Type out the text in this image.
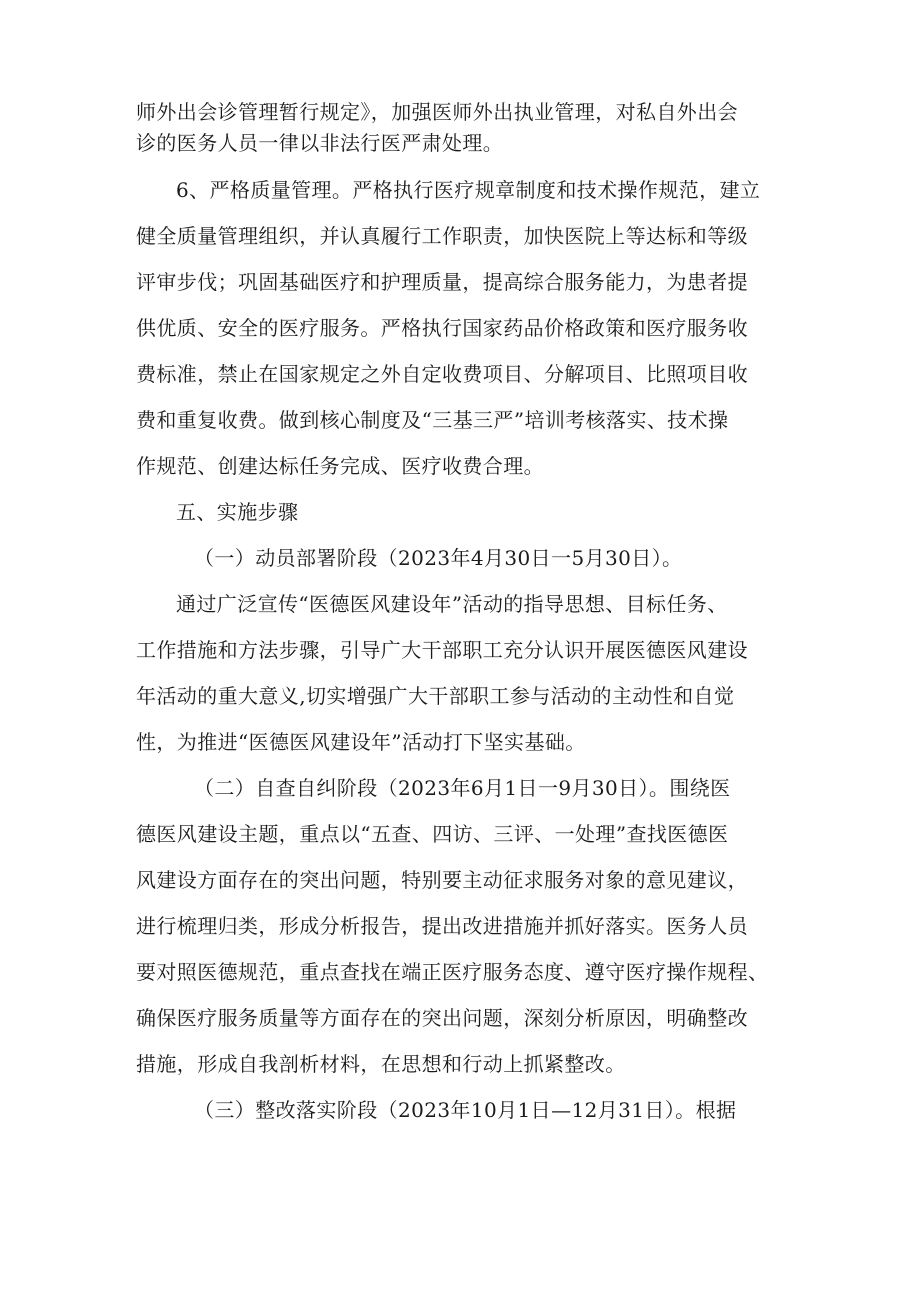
师外出会诊管理暂行规定》，加强医师外出执业管理，对私自外出会
诊的医务人员一律以非法行医严肃处理。
6、严格质量管理。严格执行医疗规章制度和技术操作规范，建立
健全质量管理组织，并认真履行工作职责，加快医院上等达标和等级
评审步伐；巩固基础医疗和护理质量，提高综合服务能力，为患者提
供优质、安全的医疗服务。严格执行国家药品价格政策和医疗服务收
费标准，禁止在国家规定之外自定收费项目、分解项目、比照项目收
费和重复收费。做到核心制度及“三基三严”培训考核落实、技术操
作规范、创建达标任务完成、医疗收费合理。
五、实施步骤
（一）动员部署阶段（2023年4月30日一5月30日）。
通过广泛宣传“医德医风建设年”活动的指导思想、目标任务、
工作措施和方法步骤，引导广大干部职工充分认识开展医德医风建设
年活动的重大意义,切实增强广大干部职工参与活动的主动性和自觉
性，为推进“医德医风建设年”活动打下坚实基础。
（二）自查自纠阶段（2023年6月1日一9月30日）。围绕医
德医风建设主题，重点以“五查、四访、三评、一处理”查找医德医
风建设方面存在的突出问题，特别要主动征求服务对象的意见建议，
进行梳理归类，形成分析报告，提出改进措施并抓好落实。医务人员
要对照医德规范，重点查找在端正医疗服务态度、遵守医疗操作规程、
确保医疗服务质量等方面存在的突出问题，深刻分析原因，明确整改
措施，形成自我剖析材料，在思想和行动上抓紧整改。
（三）整改落实阶段（2023年10月1日—12月31日）。根据
